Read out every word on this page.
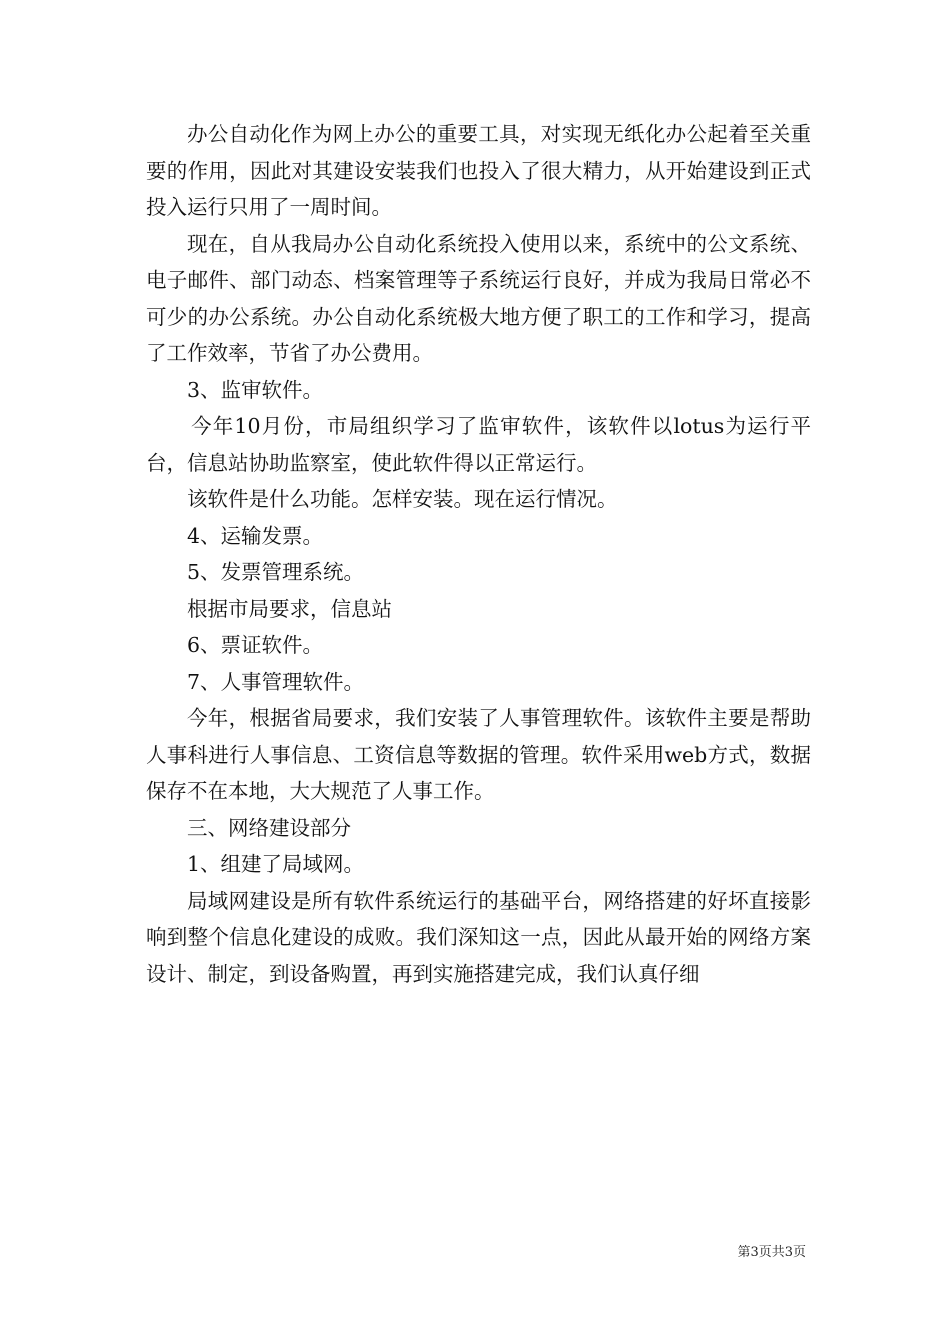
办公自动化作为网上办公的重要工具，对实现无纸化办公起着至关重要的作用，因此对其建设安装我们也投入了很大精力，从开始建设到正式投入运行只用了一周时间。

现在，自从我局办公自动化系统投入使用以来，系统中的公文系统、电子邮件、部门动态、档案管理等子系统运行良好，并成为我局日常必不可少的办公系统。办公自动化系统极大地方便了职工的工作和学习，提高了工作效率，节省了办公费用。

3、监审软件。

今年10月份，市局组织学习了监审软件，该软件以lotus为运行平台，信息站协助监察室，使此软件得以正常运行。

该软件是什么功能。怎样安装。现在运行情况。

4、运输发票。

5、发票管理系统。

根据市局要求，信息站

6、票证软件。

7、人事管理软件。

今年，根据省局要求，我们安装了人事管理软件。该软件主要是帮助人事科进行人事信息、工资信息等数据的管理。软件采用web方式，数据保存不在本地，大大规范了人事工作。

三、网络建设部分

1、组建了局域网。

局域网建设是所有软件系统运行的基础平台，网络搭建的好坏直接影响到整个信息化建设的成败。我们深知这一点，因此从最开始的网络方案设计、制定，到设备购置，再到实施搭建完成，我们认真仔细

第3页共3页
